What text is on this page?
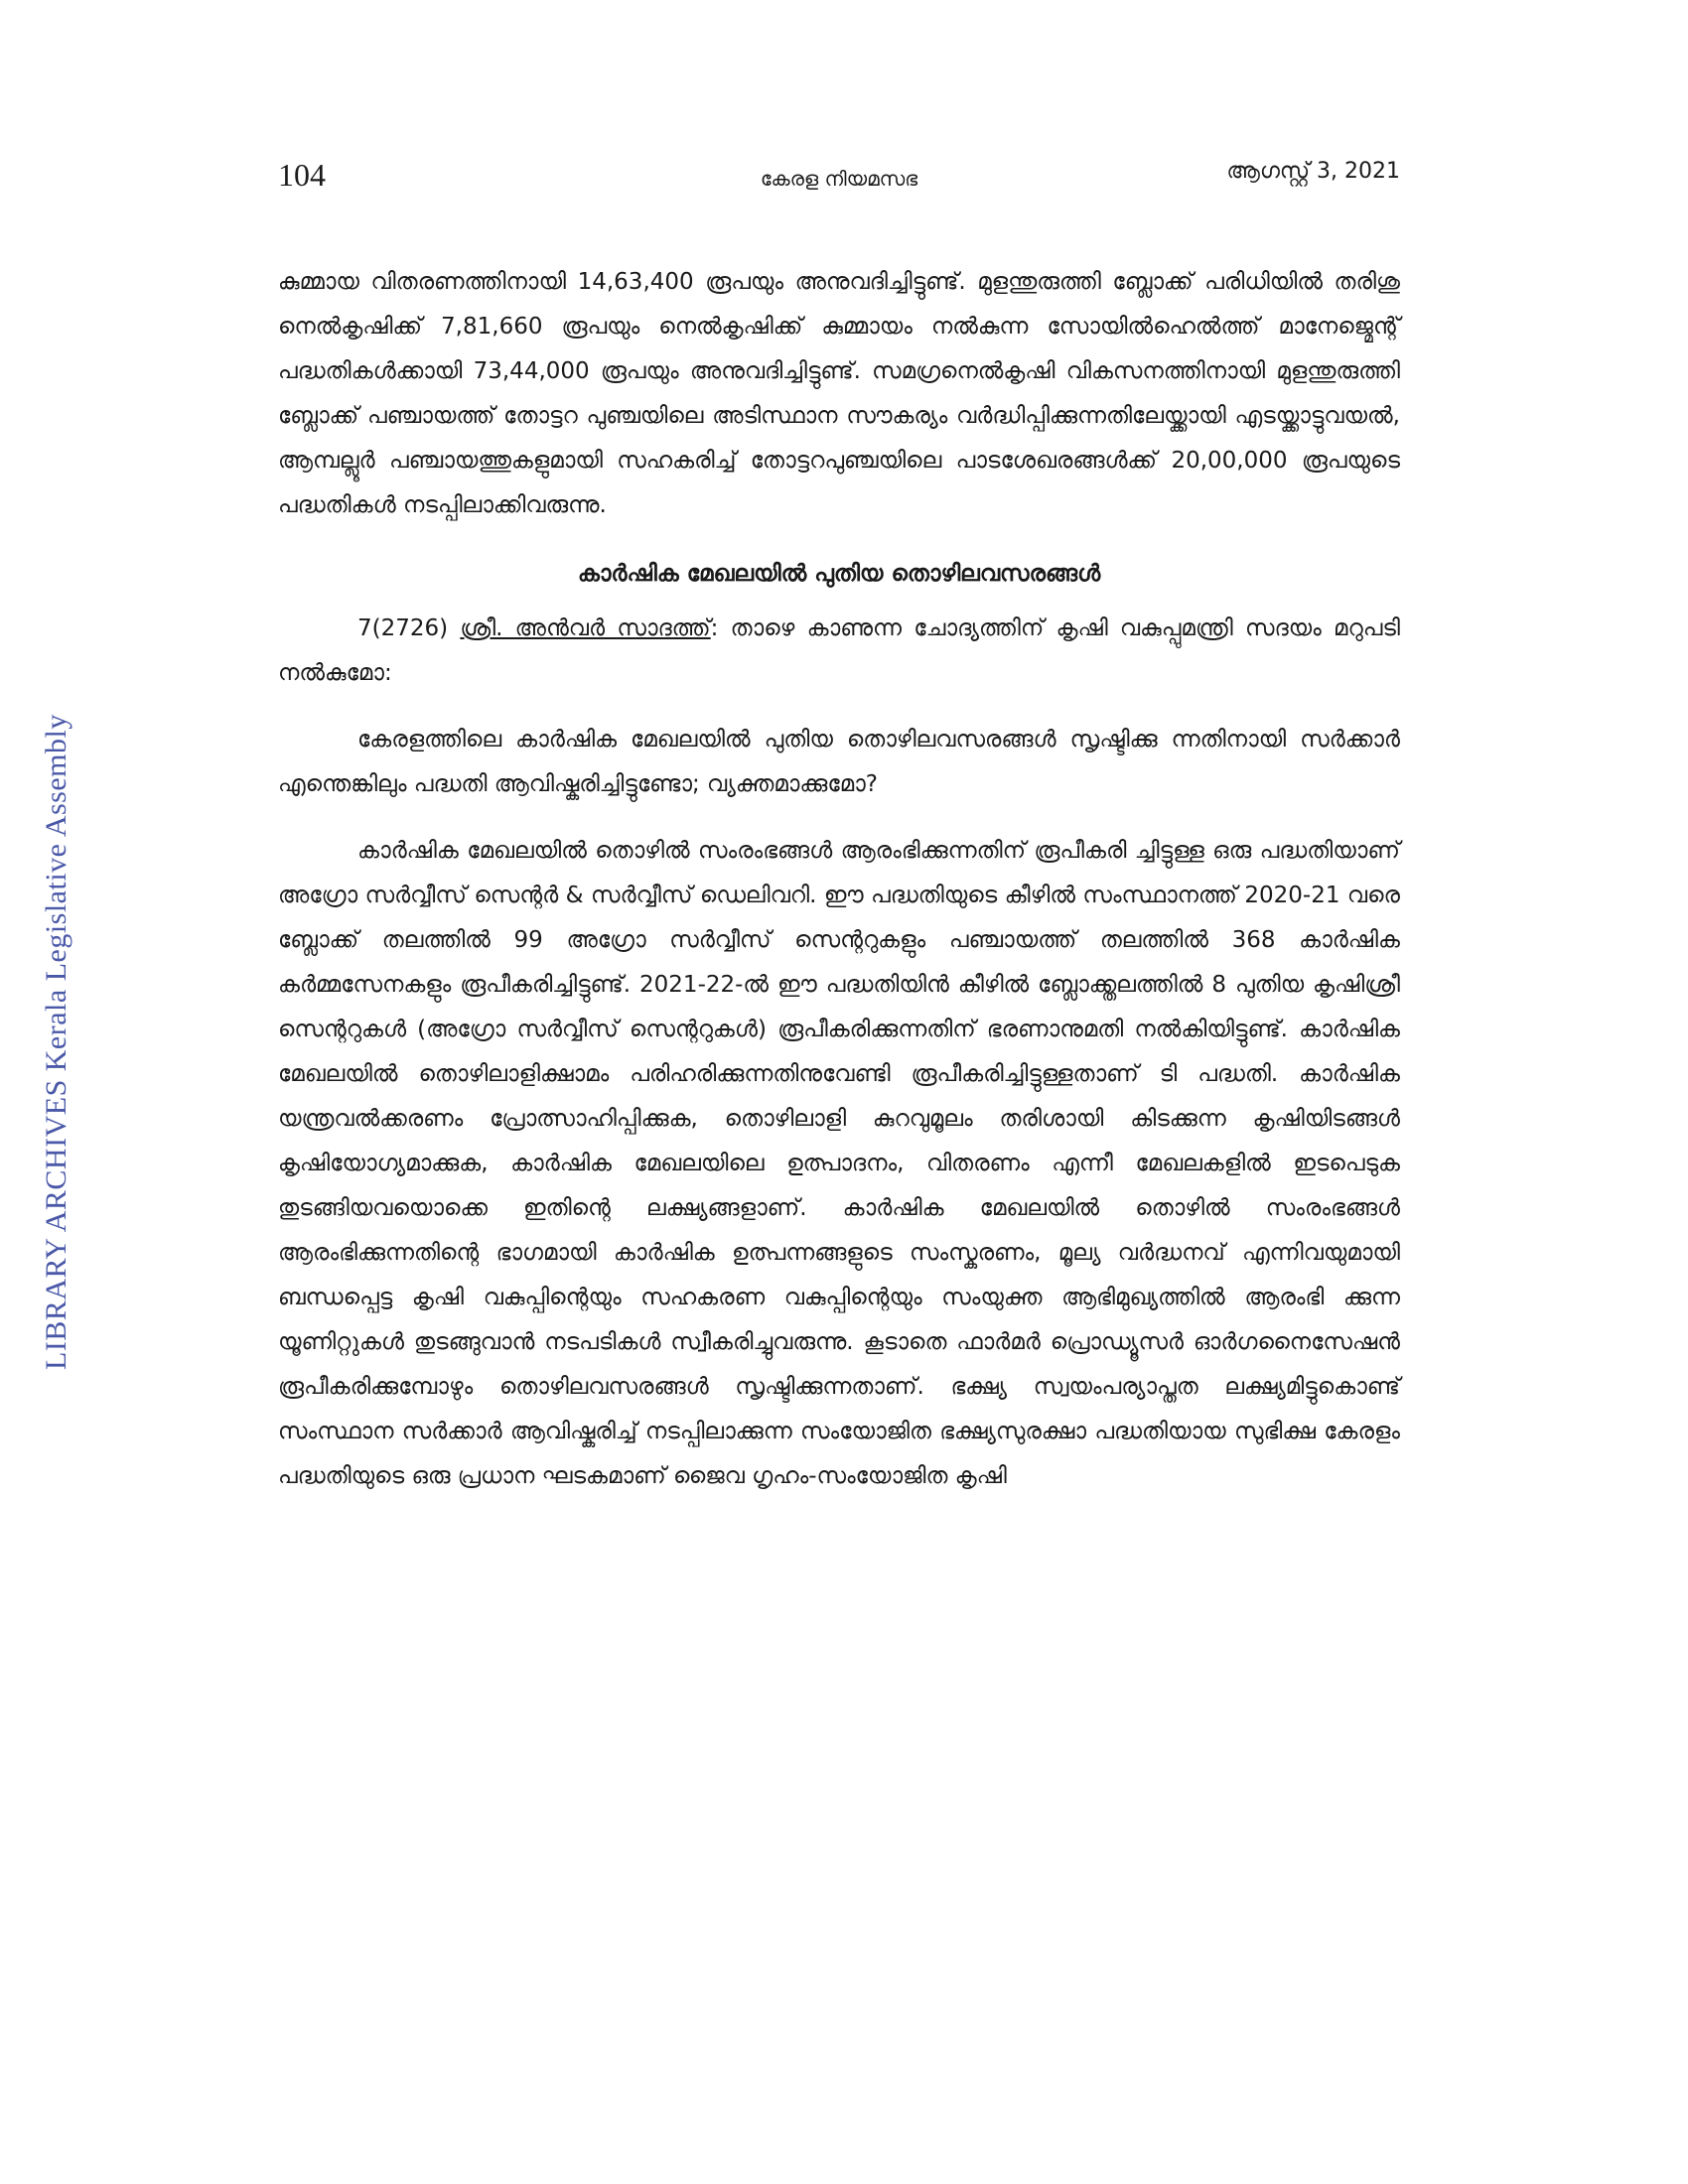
LIBRARY ARCHIVES Kerala Legislative Assembly
104	കേരള നിയമസഭ	ആഗസ്റ്റ് 3, 2021

കുമ്മായ വിതരണത്തിനായി 14,63,400 രൂപയും അനുവദിച്ചിട്ടുണ്ട്. മുളന്തുരുത്തി ബ്ലോക്ക് പരിധിയിൽ തരിശു നെൽകൃഷിക്ക് 7,81,660 രൂപയും നെൽകൃഷിക്ക് കുമ്മായം നൽകുന്ന സോയിൽഹെൽത്ത് മാനേജ്മെന്റ് പദ്ധതികൾക്കായി 73,44,000 രൂപയും അനുവദിച്ചിട്ടുണ്ട്. സമഗ്രനെൽകൃഷി വികസനത്തിനായി മുളന്തുരുത്തി ബ്ലോക്ക് പഞ്ചായത്ത് തോട്ടറ പുഞ്ചയിലെ അടിസ്ഥാന സൗകര്യം വർദ്ധിപ്പിക്കുന്നതിലേയ്ക്കായി എടയ്ക്കാട്ടുവയൽ, ആമ്പല്ലൂർ പഞ്ചായത്തുകളുമായി സഹകരിച്ച് തോട്ടറപുഞ്ചയിലെ പാടശേഖരങ്ങൾക്ക് 20,00,000 രൂപയുടെ പദ്ധതികൾ നടപ്പിലാക്കിവരുന്നു.

കാർഷിക മേഖലയിൽ പുതിയ തൊഴിലവസരങ്ങൾ

7(2726) ശ്രീ. അൻവർ സാദത്ത്: താഴെ കാണുന്ന ചോദ്യത്തിന് കൃഷി വകുപ്പുമന്ത്രി സദയം മറുപടി നൽകുമോ:

കേരളത്തിലെ കാർഷിക മേഖലയിൽ പുതിയ തൊഴിലവസരങ്ങൾ സൃഷ്ടിക്കു ന്നതിനായി സർക്കാർ എന്തെങ്കിലും പദ്ധതി ആവിഷ്കരിച്ചിട്ടുണ്ടോ; വ്യക്തമാക്കുമോ?

കാർഷിക മേഖലയിൽ തൊഴിൽ സംരംഭങ്ങൾ ആരംഭിക്കുന്നതിന് രൂപീകരി ച്ചിട്ടുള്ള ഒരു പദ്ധതിയാണ് അഗ്രോ സർവ്വീസ് സെന്റർ & സർവ്വീസ് ഡെലിവറി. ഈ പദ്ധതിയുടെ കീഴിൽ സംസ്ഥാനത്ത് 2020-21 വരെ ബ്ലോക്ക് തലത്തിൽ 99 അഗ്രോ സർവ്വീസ് സെന്ററുകളും പഞ്ചായത്ത് തലത്തിൽ 368 കാർഷിക കർമ്മസേനകളും രൂപീകരിച്ചിട്ടുണ്ട്. 2021-22-ൽ ഈ പദ്ധതിയിൻ കീഴിൽ ബ്ലോക്ക്തലത്തിൽ 8 പുതിയ കൃഷിശ്രീ സെന്ററുകൾ (അഗ്രോ സർവ്വീസ് സെന്ററുകൾ) രൂപീകരിക്കുന്നതിന് ഭരണാനുമതി നൽകിയിട്ടുണ്ട്. കാർഷിക മേഖലയിൽ തൊഴിലാളിക്ഷാമം പരിഹരിക്കുന്നതിനുവേണ്ടി രൂപീകരിച്ചിട്ടുള്ളതാണ് ടി പദ്ധതി. കാർഷിക യന്ത്രവൽക്കരണം പ്രോത്സാഹിപ്പിക്കുക, തൊഴിലാളി കുറവുമൂലം തരിശായി കിടക്കുന്ന കൃഷിയിടങ്ങൾ കൃഷിയോഗ്യമാക്കുക, കാർഷിക മേഖലയിലെ ഉത്പാദനം, വിതരണം എന്നീ മേഖലകളിൽ ഇടപെടുക തുടങ്ങിയവയൊക്കെ ഇതിന്റെ ലക്ഷ്യങ്ങളാണ്. കാർഷിക മേഖലയിൽ തൊഴിൽ സംരംഭങ്ങൾ ആരംഭിക്കുന്നതിന്റെ ഭാഗമായി കാർഷിക ഉത്പന്നങ്ങളുടെ സംസ്കരണം, മൂല്യ വർദ്ധനവ് എന്നിവയുമായി ബന്ധപ്പെട്ട കൃഷി വകുപ്പിന്റെയും സഹകരണ വകുപ്പിന്റെയും സംയുക്ത ആഭിമുഖ്യത്തിൽ ആരംഭി ക്കുന്ന യൂണിറ്റുകൾ തുടങ്ങുവാൻ നടപടികൾ സ്വീകരിച്ചുവരുന്നു. കൂടാതെ ഫാർമർ പ്രൊഡ്യൂസർ ഓർഗനൈസേഷൻ രൂപീകരിക്കുമ്പോഴും തൊഴിലവസരങ്ങൾ സൃഷ്ടിക്കുന്നതാണ്. ഭക്ഷ്യ സ്വയംപര്യാപ്തത ലക്ഷ്യമിട്ടുകൊണ്ട് സംസ്ഥാന സർക്കാർ ആവിഷ്കരിച്ച് നടപ്പിലാക്കുന്ന സംയോജിത ഭക്ഷ്യസുരക്ഷാ പദ്ധതിയായ സുഭിക്ഷ കേരളം പദ്ധതിയുടെ ഒരു പ്രധാന ഘടകമാണ് ജൈവ ഗൃഹം-സംയോജിത കൃഷി
